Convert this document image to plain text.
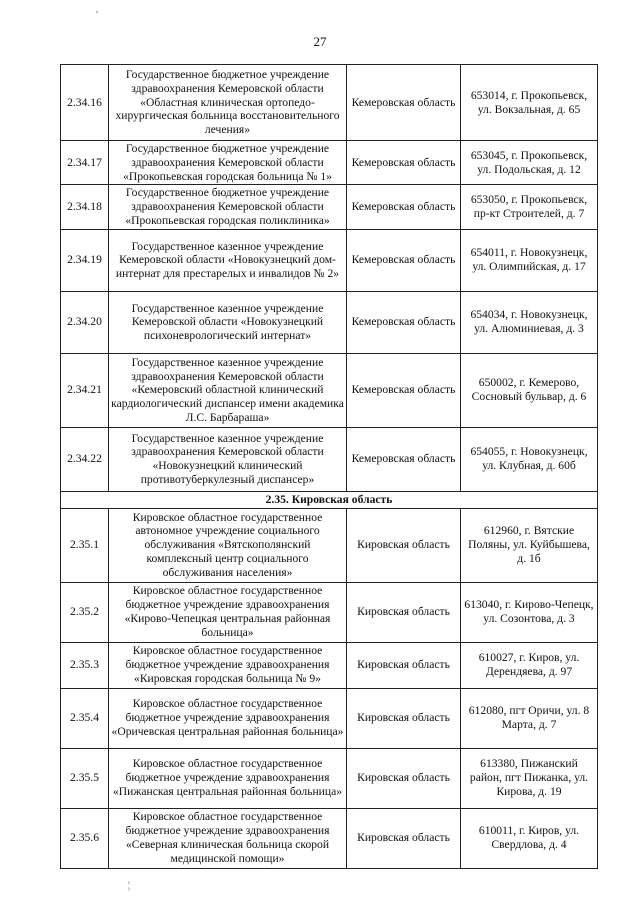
27
′
¦
2.34.16	Государственное бюджетное учреждение здравоохранения Кемеровской области «Областная клиническая ортопедо-хирургическая больница восстановительного лечения»	Кемеровская область	653014, г. Прокопьевск, ул. Вокзальная, д. 65
2.34.17	Государственное бюджетное учреждение здравоохранения Кемеровской области «Прокопьевская городская больница № 1»	Кемеровская область	653045, г. Прокопьевск, ул. Подольская, д. 12
2.34.18	Государственное бюджетное учреждение здравоохранения Кемеровской области «Прокопьевская городская поликлиника»	Кемеровская область	653050, г. Прокопьевск, пр-кт Строителей, д. 7
2.34.19	Государственное казенное учреждение Кемеровской области «Новокузнецкий дом-интернат для престарелых и инвалидов № 2»	Кемеровская область	654011, г. Новокузнецк, ул. Олимпийская, д. 17
2.34.20	Государственное казенное учреждение Кемеровской области «Новокузнецкий психоневрологический интернат»	Кемеровская область	654034, г. Новокузнецк, ул. Алюминиевая, д. 3
2.34.21	Государственное казенное учреждение здравоохранения Кемеровской области «Кемеровский областной клинический кардиологический диспансер имени академика Л.С. Барбараша»	Кемеровская область	650002, г. Кемерово, Сосновый бульвар, д. 6
2.34.22	Государственное казенное учреждение здравоохранения Кемеровской области «Новокузнецкий клинический противотуберкулезный диспансер»	Кемеровская область	654055, г. Новокузнецк, ул. Клубная, д. 60б
2.35. Кировская область			
2.35.1	Кировское областное государственное автономное учреждение социального обслуживания «Вятскополянский комплексный центр социального обслуживания населения»	Кировская область	612960, г. Вятские Поляны, ул. Куйбышева, д. 1б
2.35.2	Кировское областное государственное бюджетное учреждение здравоохранения «Кирово-Чепецкая центральная районная больница»	Кировская область	613040, г. Кирово-Чепецк, ул. Созонтова, д. 3
2.35.3	Кировское областное государственное бюджетное учреждение здравоохранения «Кировская городская больница № 9»	Кировская область	610027, г. Киров, ул. Дерендяева, д. 97
2.35.4	Кировское областное государственное бюджетное учреждение здравоохранения «Оричевская центральная районная больница»	Кировская область	612080, пгт Оричи, ул. 8 Марта, д. 7
2.35.5	Кировское областное государственное бюджетное учреждение здравоохранения «Пижанская центральная районная больница»	Кировская область	613380, Пижанский район, пгт Пижанка, ул. Кирова, д. 19
2.35.6	Кировское областное государственное бюджетное учреждение здравоохранения «Северная клиническая больница скорой медицинской помощи»	Кировская область	610011, г. Киров, ул. Свердлова, д. 4
